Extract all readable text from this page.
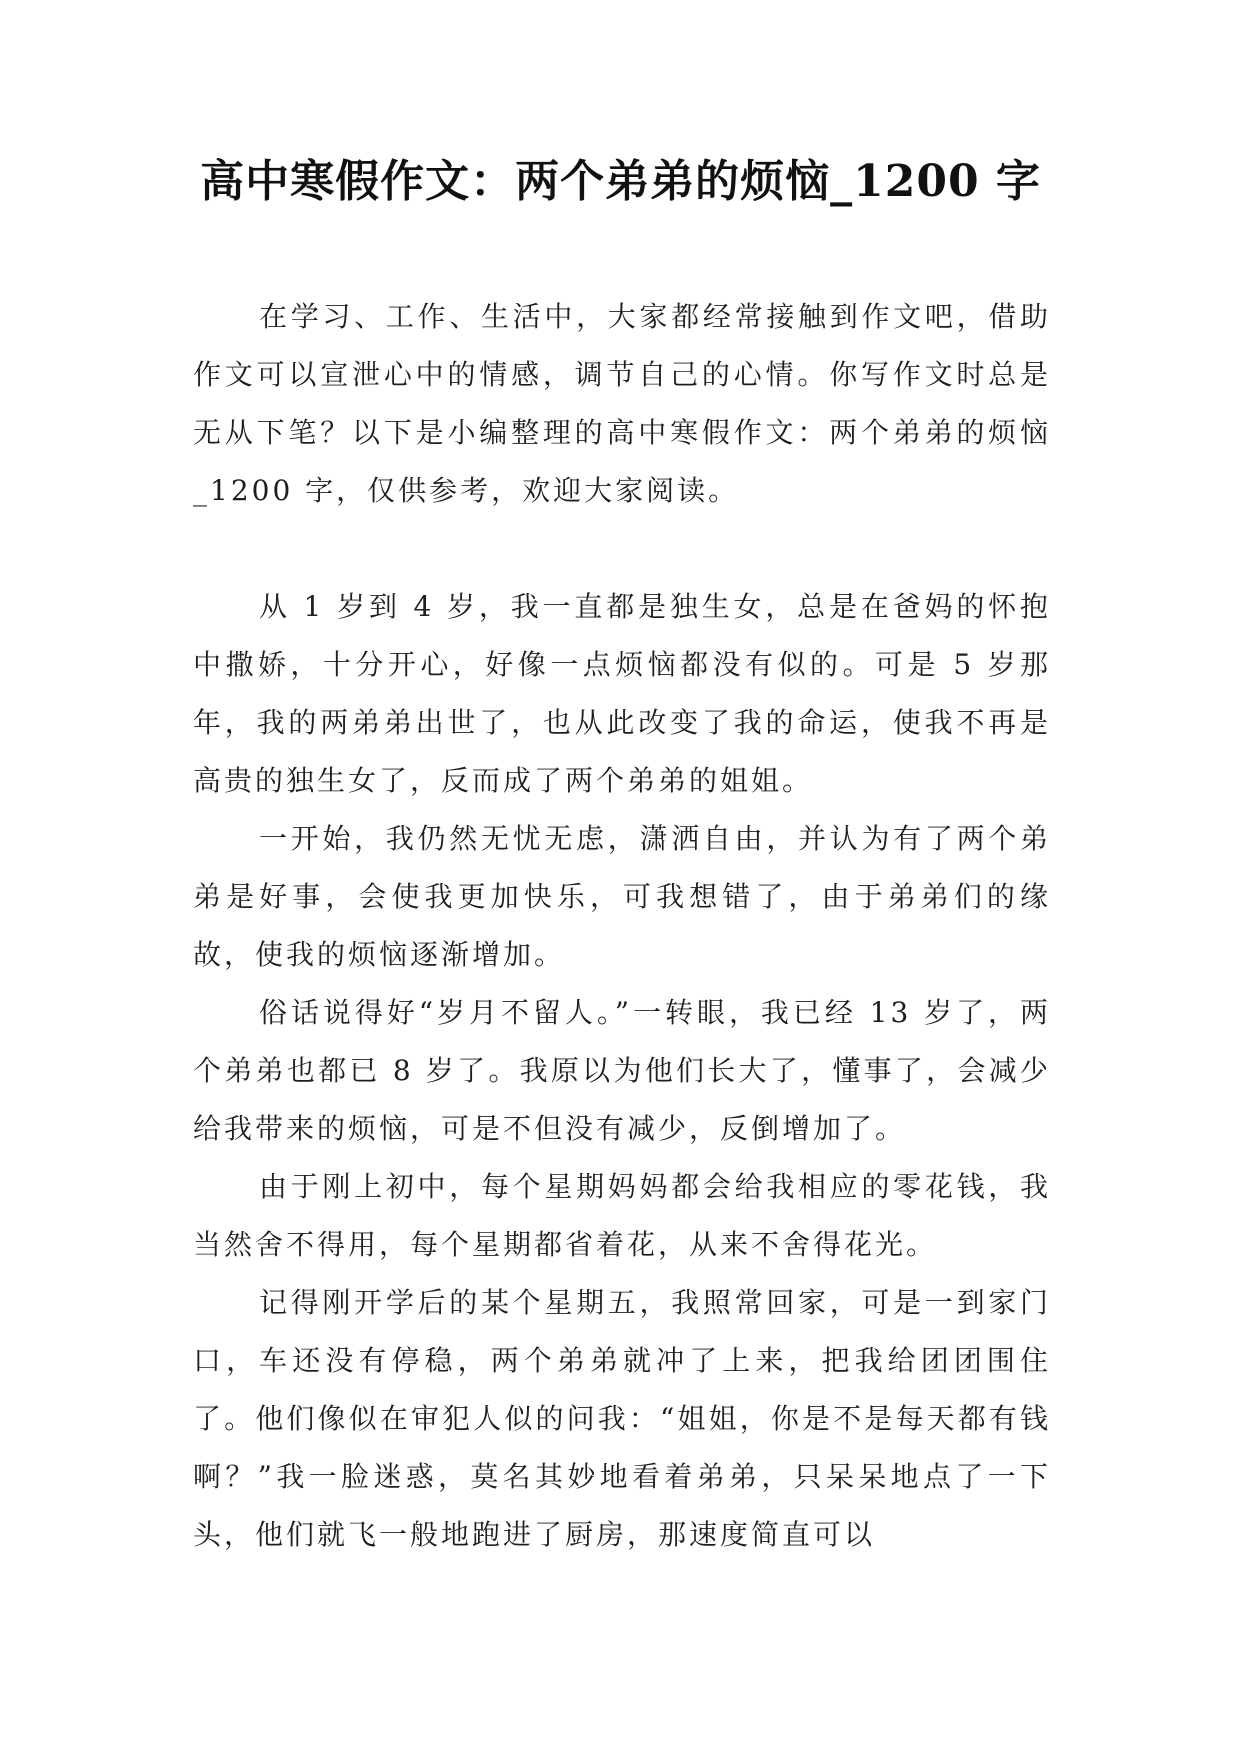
高中寒假作文：两个弟弟的烦恼_1200 字

在学习、工作、生活中，大家都经常接触到作文吧，借助作文可以宣泄心中的情感，调节自己的心情。你写作文时总是无从下笔？以下是小编整理的高中寒假作文：两个弟弟的烦恼_1200 字，仅供参考，欢迎大家阅读。

从 1 岁到 4 岁，我一直都是独生女，总是在爸妈的怀抱中撒娇，十分开心，好像一点烦恼都没有似的。可是 5 岁那年，我的两弟弟出世了，也从此改变了我的命运，使我不再是高贵的独生女了，反而成了两个弟弟的姐姐。

一开始，我仍然无忧无虑，潇洒自由，并认为有了两个弟弟是好事，会使我更加快乐，可我想错了，由于弟弟们的缘故，使我的烦恼逐渐增加。

俗话说得好“岁月不留人。”一转眼，我已经 13 岁了，两个弟弟也都已 8 岁了。我原以为他们长大了，懂事了，会减少给我带来的烦恼，可是不但没有减少，反倒增加了。

由于刚上初中，每个星期妈妈都会给我相应的零花钱，我当然舍不得用，每个星期都省着花，从来不舍得花光。

记得刚开学后的某个星期五，我照常回家，可是一到家门口，车还没有停稳，两个弟弟就冲了上来，把我给团团围住了。他们像似在审犯人似的问我：“姐姐，你是不是每天都有钱啊？”我一脸迷惑，莫名其妙地看着弟弟，只呆呆地点了一下头，他们就飞一般地跑进了厨房，那速度简直可以
